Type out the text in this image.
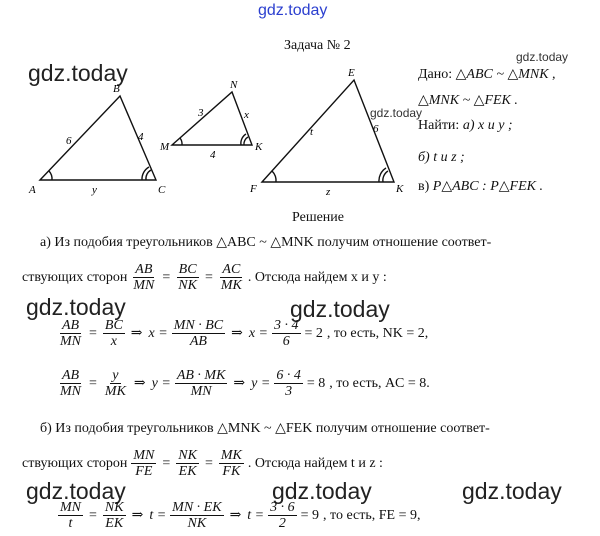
gdz.today
gdz.today
gdz.today
gdz.today
gdz.today	gdz.today
gdz.today	gdz.today	gdz.today
Задача № 2
A
B
C
6	4
y
M
N
K
3	x
4
F
E
K
t	6
z
Дано: △ABC ~ △MNK ,
△MNK ~ △FEK .
Найти: а) x и y ;
б) t и z ;
в) P△ABC : P△FEK .
Решение
а) Из подобия треугольников △ABC ~ △MNK получим отношение соответ-
ствующих сторон $\frac{AB}{MN} = \frac{BC}{NK} = \frac{AC}{MK}$ . Отсюда найдем x и y :
$\frac{AB}{MN} = \frac{BC}{x}$ ⇒ $x = \frac{MN \cdot BC}{AB}$ ⇒ $x = \frac{3 \cdot 4}{6} = 2$ , то есть, NK = 2,
$\frac{AB}{MN} = \frac{y}{MK}$ ⇒ $y = \frac{AB \cdot MK}{MN}$ ⇒ $y = \frac{6 \cdot 4}{3} = 8$ , то есть, AC = 8.
б) Из подобия треугольников △MNK ~ △FEK получим отношение соответ-
ствующих сторон $\frac{MN}{FE} = \frac{NK}{EK} = \frac{MK}{FK}$ . Отсюда найдем t и z :
$\frac{MN}{t} = \frac{NK}{EK}$ ⇒ $t = \frac{MN \cdot EK}{NK}$ ⇒ $t = \frac{3 \cdot 6}{2} = 9$ , то есть, FE = 9,
